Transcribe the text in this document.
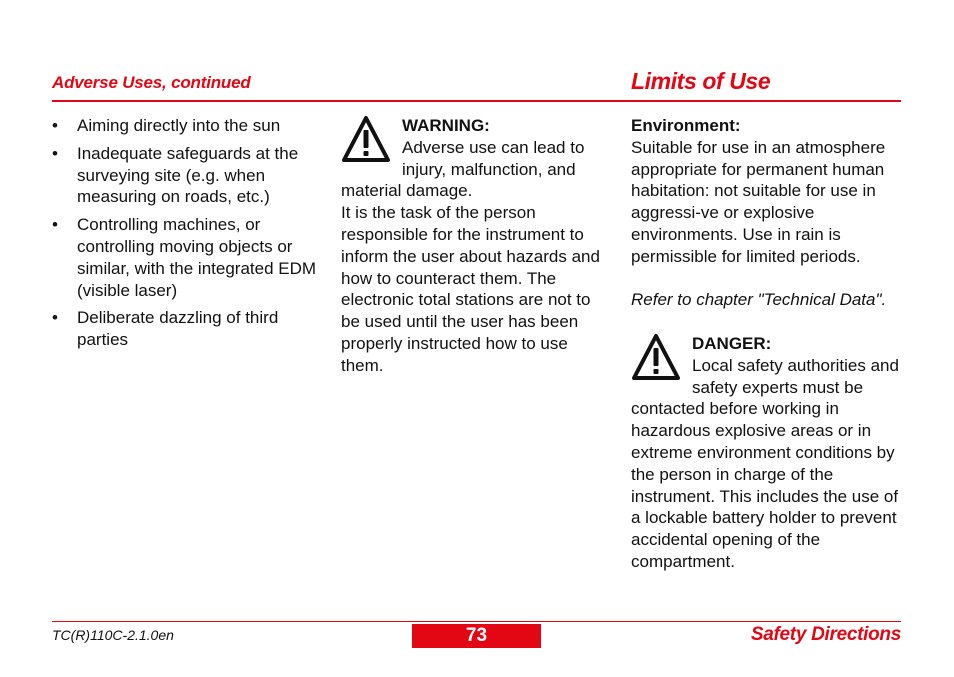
Adverse Uses, continued	Limits of Use
• Aiming directly into the sun
• Inadequate safeguards at the surveying site (e.g. when measuring on roads, etc.)
• Controlling machines, or controlling moving objects or similar, with the integrated EDM (visible laser)
• Deliberate dazzling of third parties
WARNING:
Adverse use can lead to injury, malfunction, and material damage.

It is the task of the person responsible for the instrument to inform the user about hazards and how to counteract them. The electronic total stations are not to be used until the user has been properly instructed how to use them.

Environment:

Suitable for use in an atmosphere appropriate for permanent human habitation: not suitable for use in aggressi-ve or explosive environments. Use in rain is permissible for limited periods.

Refer to chapter "Technical Data".

DANGER:
Local safety authorities and safety experts must be contacted before working in hazardous explosive areas or in extreme environment conditions by the person in charge of the instrument. This includes the use of a lockable battery holder to prevent accidental opening of the compartment.
TC(R)110C-2.1.0en	73	Safety Directions
